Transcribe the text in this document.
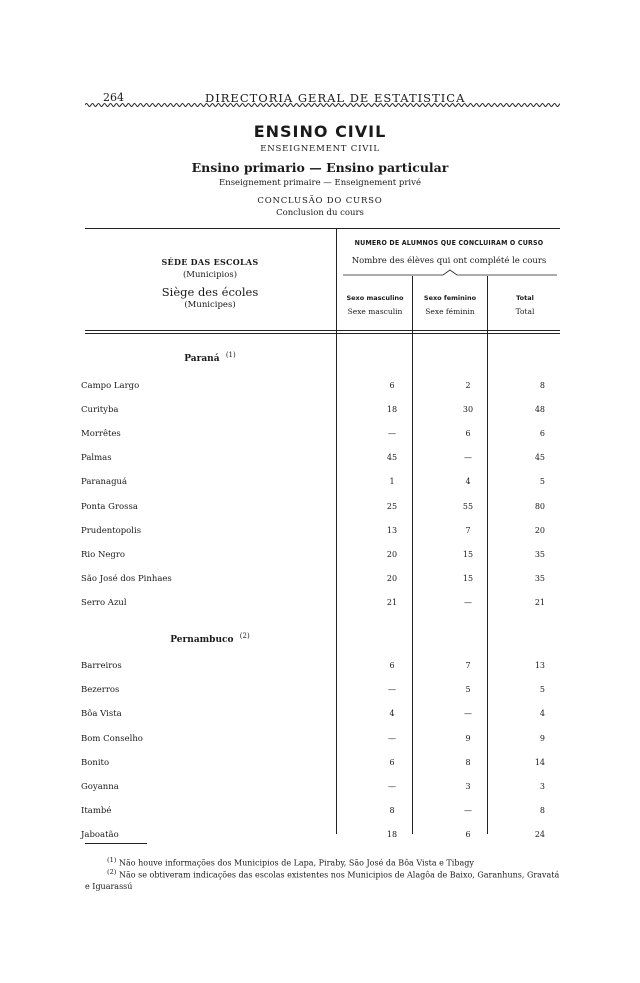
264	DIRECTORIA GERAL DE ESTATISTICA
ENSINO CIVIL
ENSEIGNEMENT CIVIL
Ensino primario — Ensino particular
Enseignement primaire — Enseignement privé
CONCLUSÃO DO CURSO
Conclusion du cours
SÉDE DAS ESCOLAS
(Municipios)
Siège des écoles
(Municipes)
NUMERO DE ALUMNOS QUE CONCLUIRAM O CURSO
Nombre des élèves qui ont complété le cours
Sexo masculino
Sexe masculin
Sexo feminino
Sexe féminin
Total
Total
Paraná $^{(1)}$
Campo Largo	6	2	8
Curityba	18	30	48
Morrêtes	—	6	6
Palmas	45	—	45
Paranaguá	1	4	5
Ponta Grossa	25	55	80
Prudentopolis	13	7	20
Rio Negro	20	15	35
São José dos Pinhaes	20	15	35
Serro Azul	21	—	21
Pernambuco $^{(2)}$
Barreiros	6	7	13
Bezerros	—	5	5
Bôa Vista	4	—	4
Bom Conselho	—	9	9
Bonito	6	8	14
Goyanna	—	3	3
Itambé	8	—	8
Jaboatão	18	6	24
$^{(1)}$ Não houve informações dos Municipios de Lapa, Piraby, São José da Bôa Vista e Tibagy
$^{(2)}$ Não se obtiveram indicações das escolas existentes nos Municipios de Alagôa de Baixo, Garanhuns, Gravatá e Iguarassú
